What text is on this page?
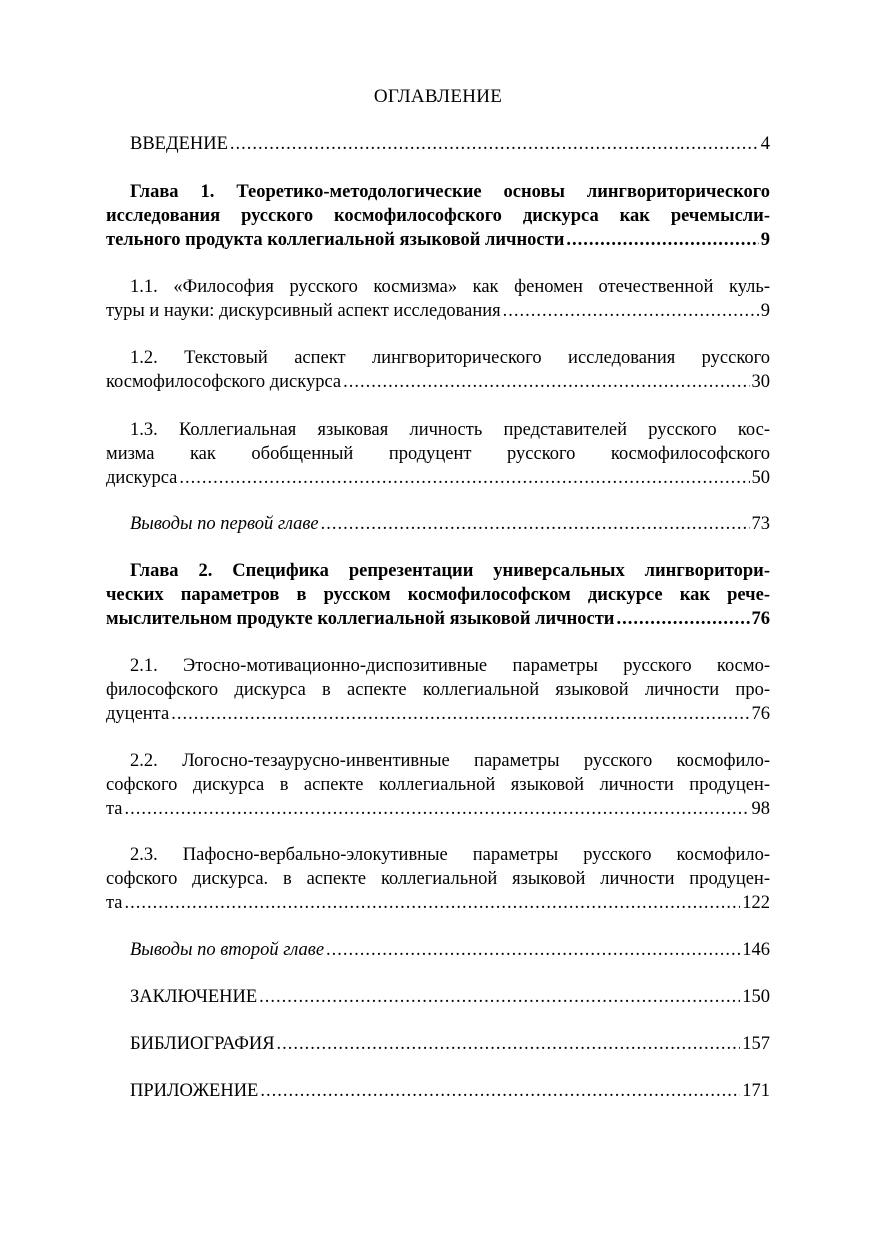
ОГЛАВЛЕНИЕ
ВВЕДЕНИЕ .....	4
Глава 1. Теоретико-методологические основы лингвориторического
исследования русского космофилософского дискурса как речемысли-
тельного продукта коллегиальной языковой личности .....	9
1.1. «Философия русского космизма» как феномен отечественной куль-
туры и науки: дискурсивный аспект исследования .....	9
1.2. Текстовый аспект лингвориторического исследования русского
космофилософского дискурса .....	30
1.3. Коллегиальная языковая личность представителей русского кос-
мизма как обобщенный продуцент русского космофилософского
дискурса .....	50
Выводы по первой главе .....	73
Глава 2. Специфика репрезентации универсальных лингворитори-
ческих параметров в русском космофилософском дискурсе как рече-
мыслительном продукте коллегиальной языковой личности .....	76
2.1. Этосно-мотивационно-диспозитивные параметры русского космо-
философского дискурса в аспекте коллегиальной языковой личности про-
дуцента .....	76
2.2. Логосно-тезаурусно-инвентивные параметры русского космофило-
софского дискурса в аспекте коллегиальной языковой личности продуцен-
та .....	98
2.3. Пафосно-вербально-элокутивные параметры русского космофило-
софского дискурса. в аспекте коллегиальной языковой личности продуцен-
та .....	122
Выводы по второй главе .....	146
ЗАКЛЮЧЕНИЕ .....	150
БИБЛИОГРАФИЯ .....	157
ПРИЛОЖЕНИЕ .....	171
